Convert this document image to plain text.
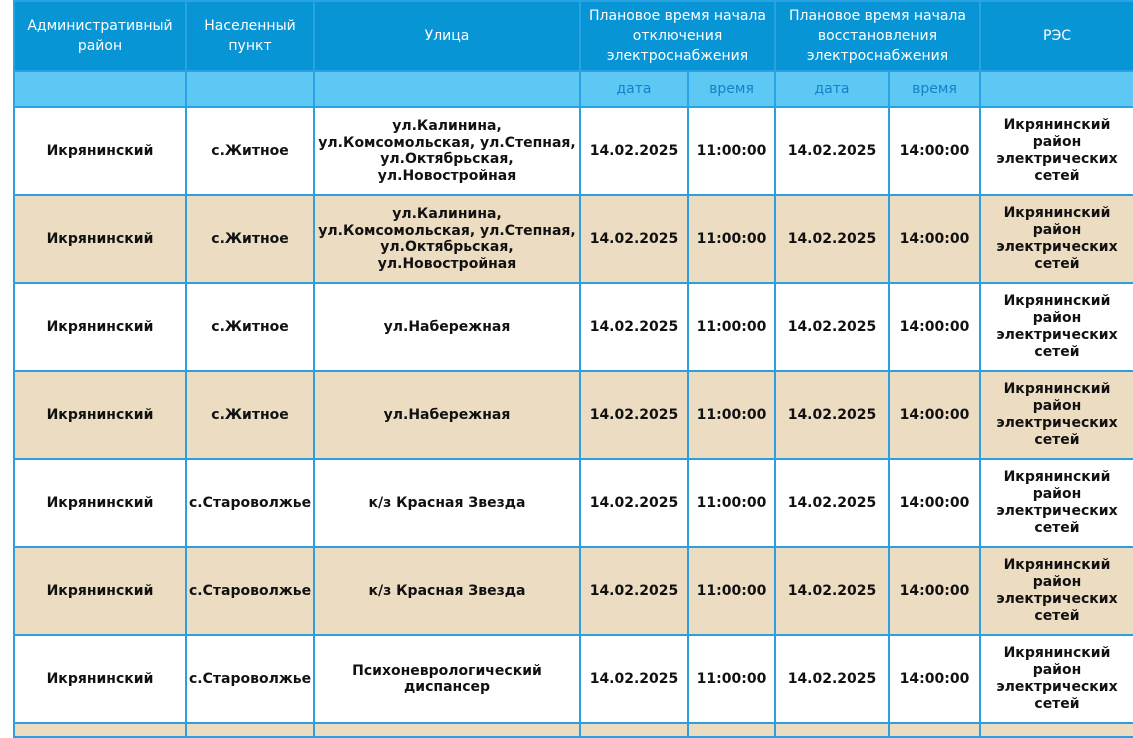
Административный район	Населенный пункт	Улица	Плановое время начала отключения электроснабжения		Плановое время начала восстановления электроснабжения		РЭС
			дата	время	дата	время	
Икрянинский	с.Житное	ул.Калинина, ул.Комсомольская, ул.Степная, ул.Октябрьская, ул.Новостройная	14.02.2025	11:00:00	14.02.2025	14:00:00	Икрянинский район электрических сетей
Икрянинский	с.Житное	ул.Калинина, ул.Комсомольская, ул.Степная, ул.Октябрьская, ул.Новостройная	14.02.2025	11:00:00	14.02.2025	14:00:00	Икрянинский район электрических сетей
Икрянинский	с.Житное	ул.Набережная	14.02.2025	11:00:00	14.02.2025	14:00:00	Икрянинский район электрических сетей
Икрянинский	с.Житное	ул.Набережная	14.02.2025	11:00:00	14.02.2025	14:00:00	Икрянинский район электрических сетей
Икрянинский	с.Староволжье	к/з Красная Звезда	14.02.2025	11:00:00	14.02.2025	14:00:00	Икрянинский район электрических сетей
Икрянинский	с.Староволжье	к/з Красная Звезда	14.02.2025	11:00:00	14.02.2025	14:00:00	Икрянинский район электрических сетей
Икрянинский	с.Староволжье	Психоневрологический диспансер	14.02.2025	11:00:00	14.02.2025	14:00:00	Икрянинский район электрических сетей
